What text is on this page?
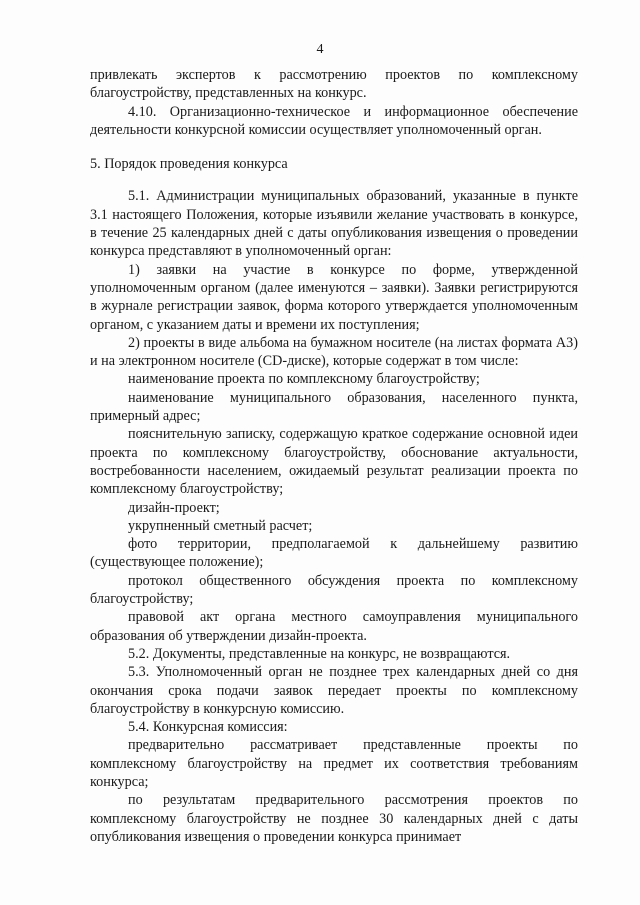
4

привлекать экспертов к рассмотрению проектов по комплексному благоустройству, представленных на конкурс.

4.10. Организационно-техническое и информационное обеспечение деятельности конкурсной комиссии осуществляет уполномоченный орган.

5. Порядок проведения конкурса

5.1. Администрации муниципальных образований, указанные в пункте 3.1 настоящего Положения, которые изъявили желание участвовать в конкурсе, в течение 25 календарных дней с даты опубликования извещения о проведении конкурса представляют в уполномоченный орган:

1) заявки на участие в конкурсе по форме, утвержденной уполномоченным органом (далее именуются – заявки). Заявки регистрируются в журнале регистрации заявок, форма которого утверждается уполномоченным органом, с указанием даты и времени их поступления;

2) проекты в виде альбома на бумажном носителе (на листах формата А3) и на электронном носителе (CD-диске), которые содержат в том числе:

наименование проекта по комплексному благоустройству;

наименование муниципального образования, населенного пункта, примерный адрес;

пояснительную записку, содержащую краткое содержание основной идеи проекта по комплексному благоустройству, обоснование актуальности, востребованности населением, ожидаемый результат реализации проекта по комплексному благоустройству;

дизайн-проект;

укрупненный сметный расчет;

фото территории, предполагаемой к дальнейшему развитию (существующее положение);

протокол общественного обсуждения проекта по комплексному благоустройству;

правовой акт органа местного самоуправления муниципального образования об утверждении дизайн-проекта.

5.2. Документы, представленные на конкурс, не возвращаются.

5.3. Уполномоченный орган не позднее трех календарных дней со дня окончания срока подачи заявок передает проекты по комплексному благоустройству в конкурсную комиссию.

5.4. Конкурсная комиссия:

предварительно рассматривает представленные проекты по комплексному благоустройству на предмет их соответствия требованиям конкурса;

по результатам предварительного рассмотрения проектов по комплексному благоустройству не позднее 30 календарных дней с даты опубликования извещения о проведении конкурса принимает
